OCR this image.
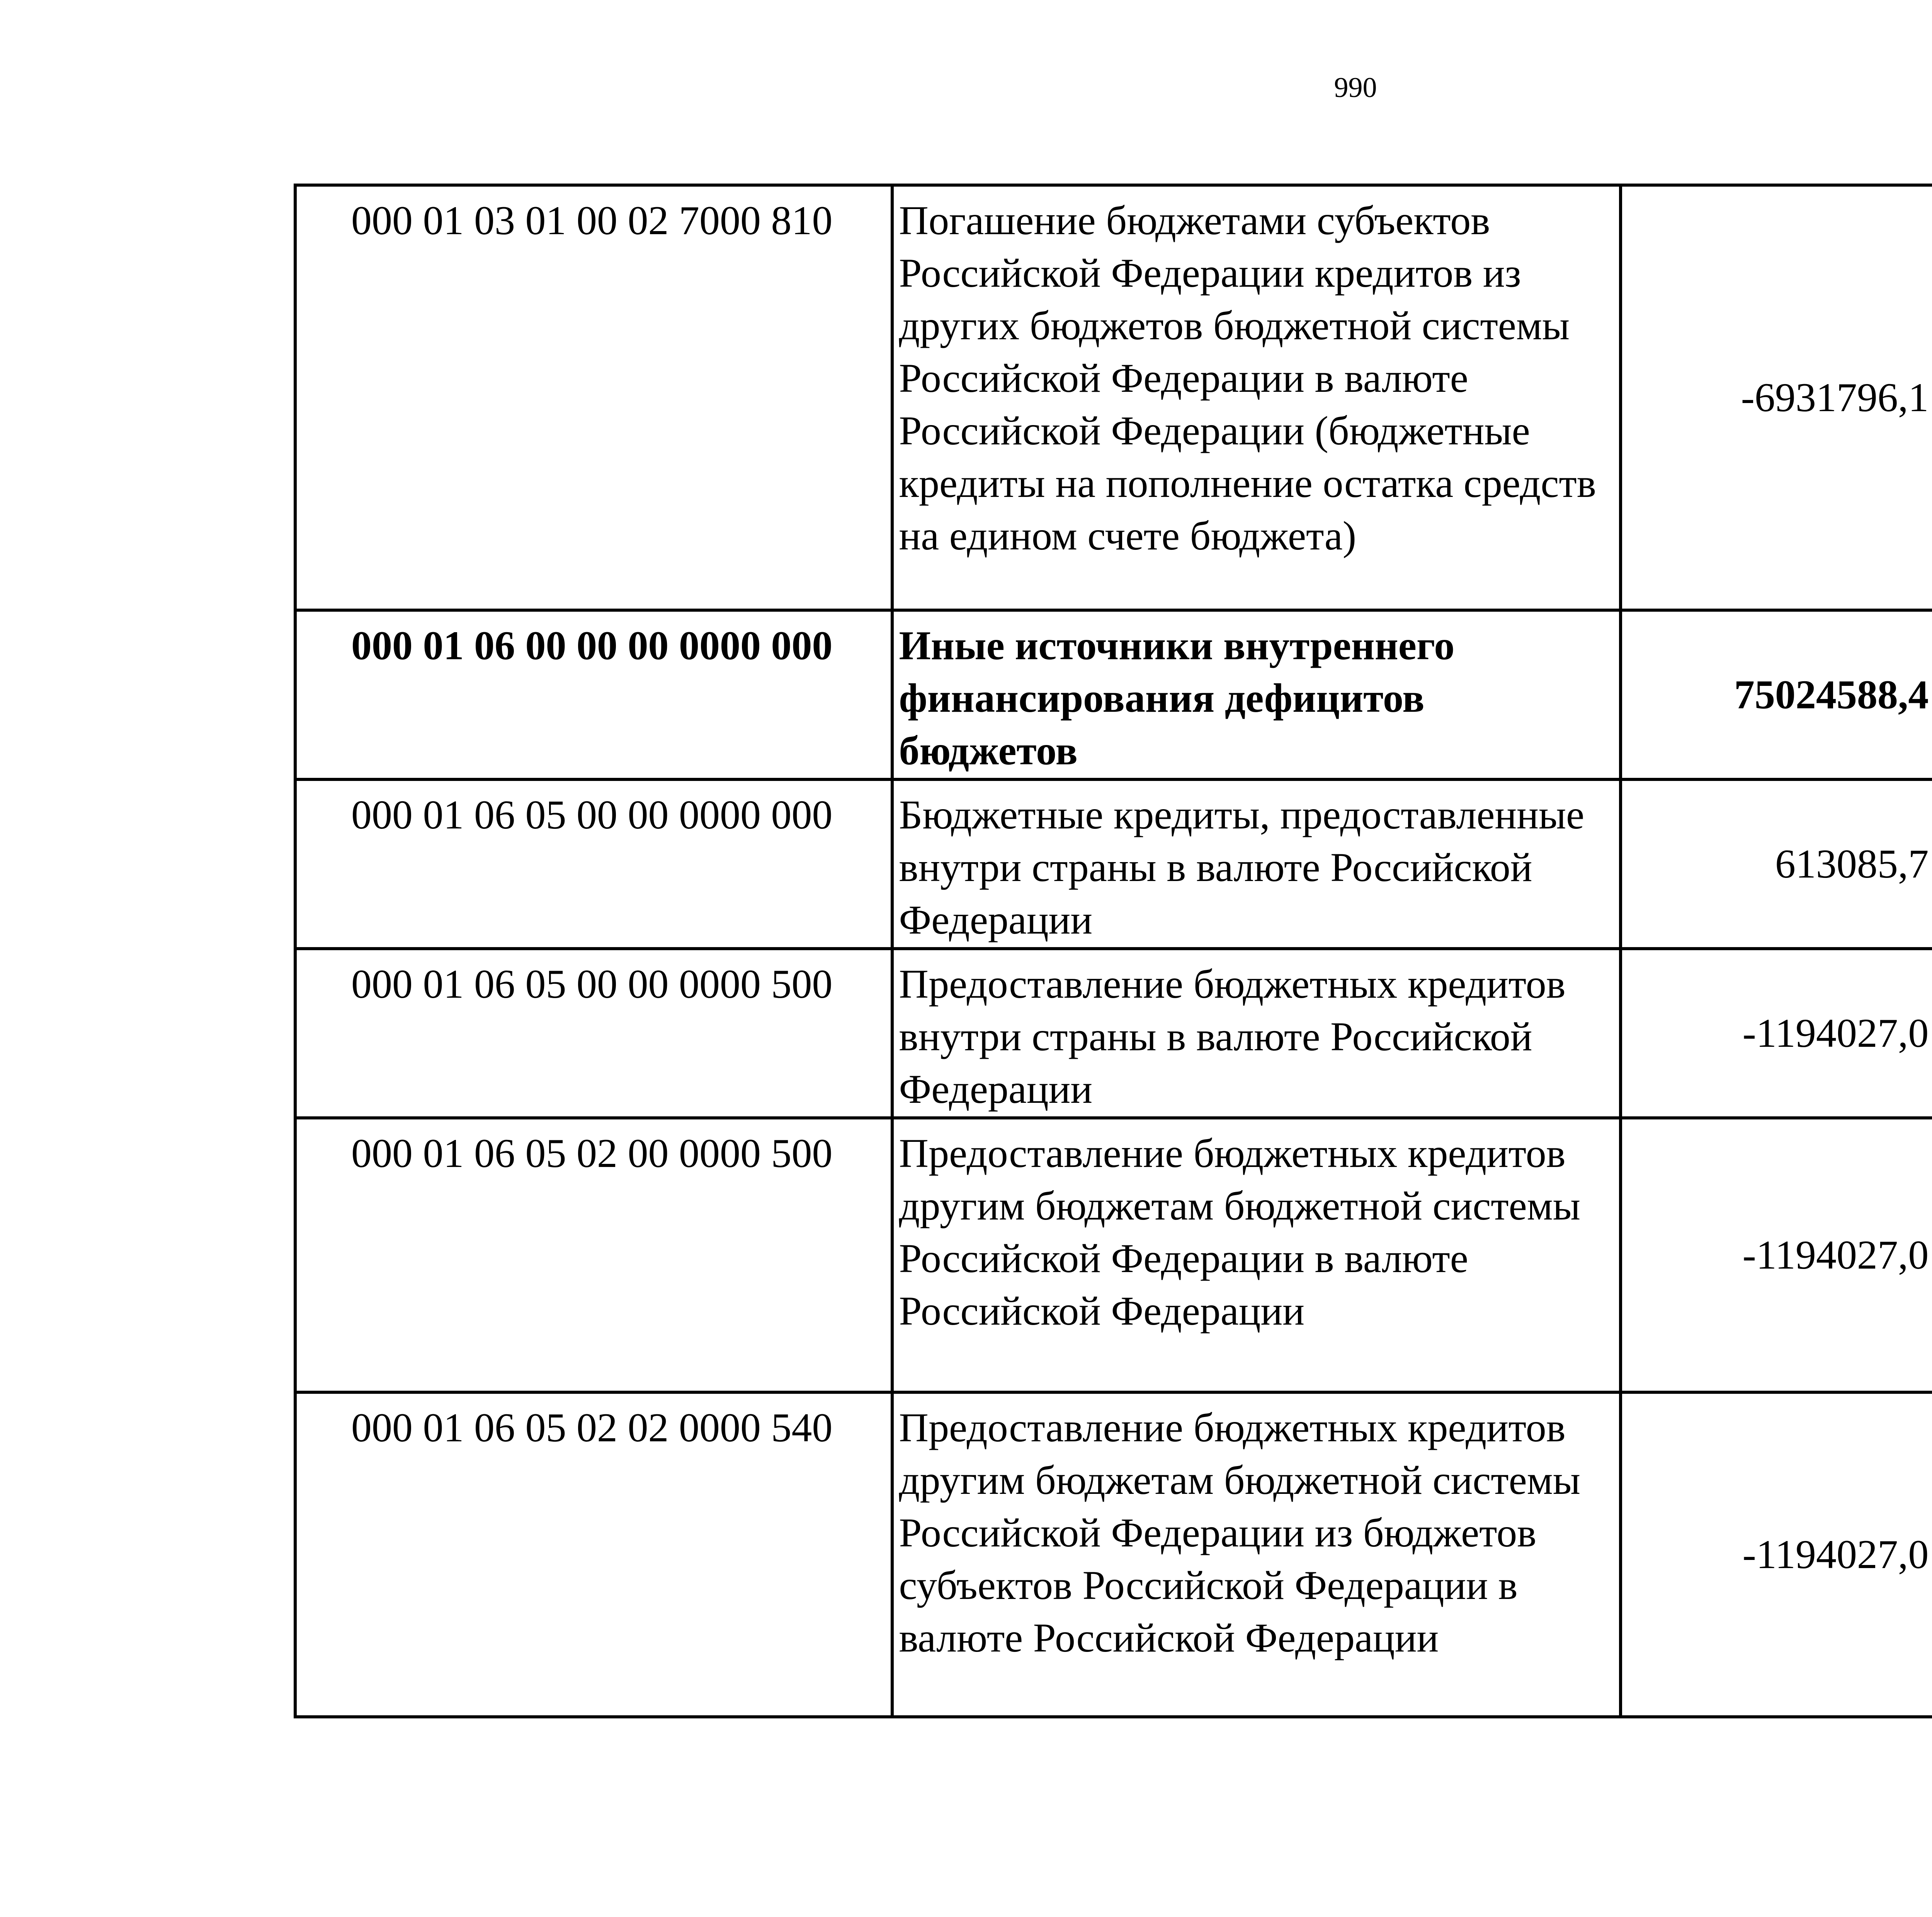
990
000 01 03 01 00 02 7000 810	Погашение бюджетами субъектов Российской Федерации кредитов из других бюджетов бюджетной системы Российской Федерации в валюте Российской Федерации (бюджетные кредиты на пополнение остатка средств на едином счете бюджета)	-6931796,1		
000 01 06 00 00 00 0000 000	Иные источники внутреннего финансирования дефицитов бюджетов	75024588,4		
000 01 06 05 00 00 0000 000	Бюджетные кредиты, предоставленные внутри страны в валюте Российской Федерации	613085,7		
000 01 06 05 00 00 0000 500	Предоставление бюджетных кредитов внутри страны в валюте Российской Федерации	-1194027,0		
000 01 06 05 02 00 0000 500	Предоставление бюджетных кредитов другим бюджетам бюджетной системы Российской Федерации в валюте Российской Федерации	-1194027,0		
000 01 06 05 02 02 0000 540	Предоставление бюджетных кредитов другим бюджетам бюджетной системы Российской Федерации из бюджетов субъектов Российской Федерации в валюте Российской Федерации	-1194027,0		
